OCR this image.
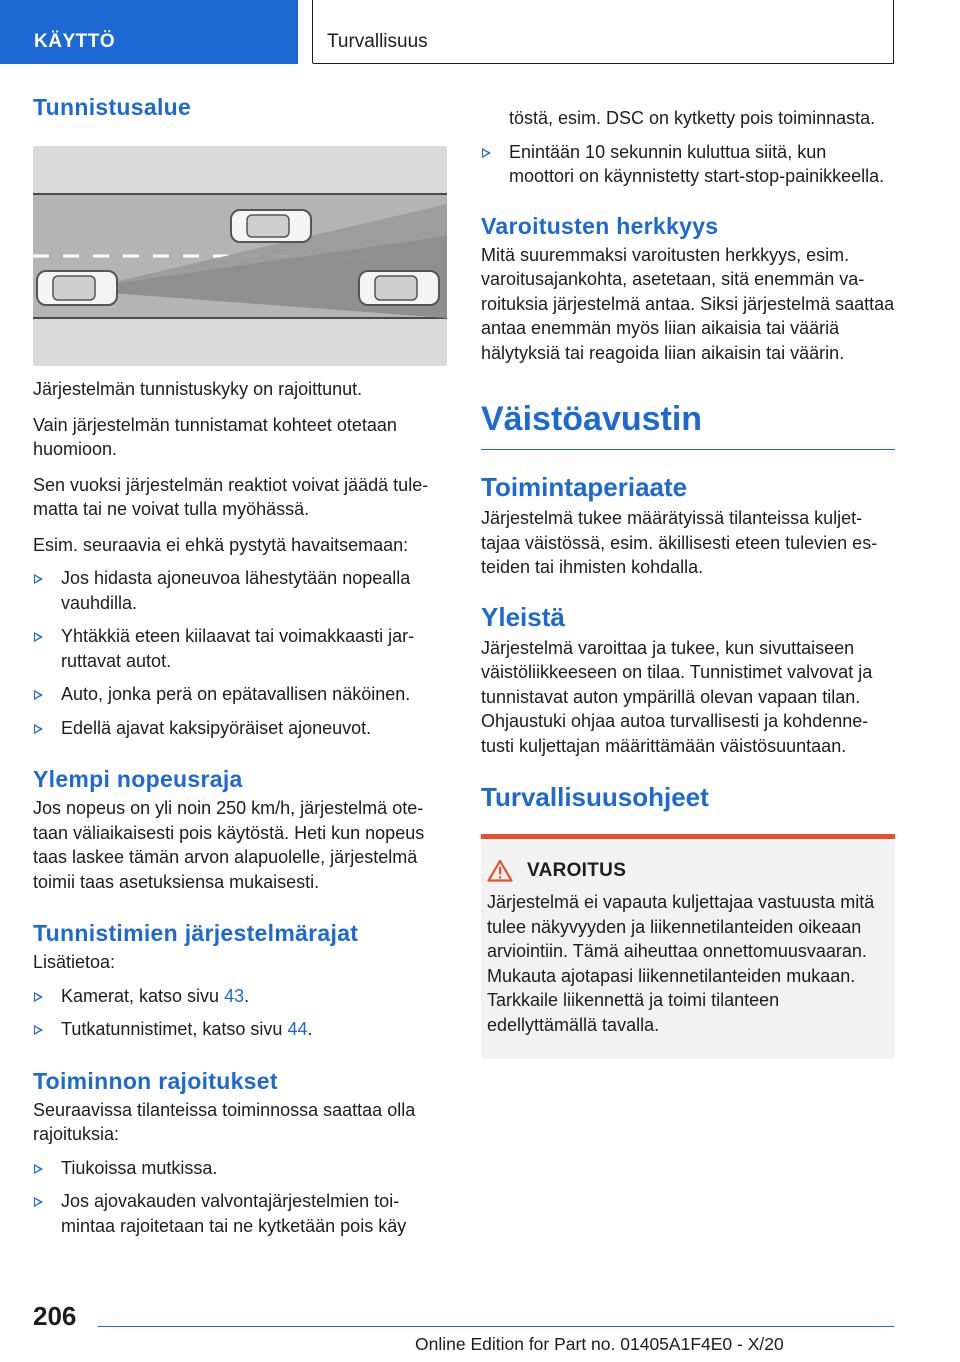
KÄYTTÖ	Turvallisuus
Tunnistusalue

Järjestelmän tunnistuskyky on rajoittunut.

Vain järjestelmän tunnistamat kohteet otetaan huomioon.

Sen vuoksi järjestelmän reaktiot voivat jäädä tulematta tai ne voivat tulla myöhässä.

Esim. seuraavia ei ehkä pystytä havaitsemaan:

Jos hidasta ajoneuvoa lähestytään nopealla vauhdilla.
Yhtäkkiä eteen kiilaavat tai voimakkaasti jarruttavat autot.
Auto, jonka perä on epätavallisen näköinen.
Edellä ajavat kaksipyöräiset ajoneuvot.
Ylempi nopeusraja

Jos nopeus on yli noin 250 km/h, järjestelmä otetaan väliaikaisesti pois käytöstä. Heti kun nopeus taas laskee tämän arvon alapuolelle, järjestelmä toimii taas asetuksiensa mukaisesti.

Tunnistimien järjestelmärajat

Lisätietoa:

Kamerat, katso sivu 43.
Tutkatunnistimet, katso sivu 44.
Toiminnon rajoitukset

Seuraavissa tilanteissa toiminnossa saattaa olla rajoituksia:

Tiukoissa mutkissa.
Jos ajovakauden valvontajärjestelmien toimintaa rajoitetaan tai ne kytketään pois käy
töstä, esim. DSC on kytketty pois toiminnasta.
Enintään 10 sekunnin kuluttua siitä, kun moottori on käynnistetty start-stop-painikkeella.
Varoitusten herkkyys

Mitä suuremmaksi varoitusten herkkyys, esim. varoitusajankohta, asetetaan, sitä enemmän varoituksia järjestelmä antaa. Siksi järjestelmä saattaa antaa enemmän myös liian aikaisia tai vääriä hälytyksiä tai reagoida liian aikaisin tai väärin.

Väistöavustin
Toimintaperiaate

Järjestelmä tukee määrätyissä tilanteissa kuljettajaa väistössä, esim. äkillisesti eteen tulevien esteiden tai ihmisten kohdalla.

Yleistä

Järjestelmä varoittaa ja tukee, kun sivuttaiseen väistöliikkeeseen on tilaa. Tunnistimet valvovat ja tunnistavat auton ympärillä olevan vapaan tilan. Ohjaustuki ohjaa autoa turvallisesti ja kohdennetusti kuljettajan määrittämään väistösuuntaan.

Turvallisuusohjeet
VAROITUS

Järjestelmä ei vapauta kuljettajaa vastuusta mitä tulee näkyvyyden ja liikennetilanteiden oikeaan arviointiin. Tämä aiheuttaa onnettomuusvaaran. Mukauta ajotapasi liikennetilanteiden mukaan. Tarkkaile liikennettä ja toimi tilanteen edellyttämällä tavalla.

206
Online Edition for Part no. 01405A1F4E0 - X/20
